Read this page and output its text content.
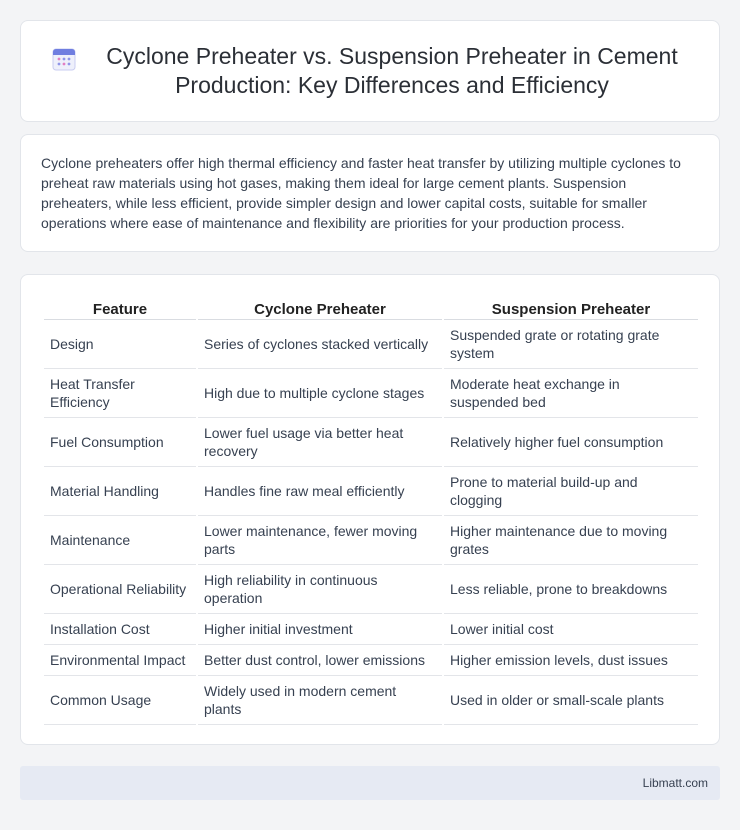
Cyclone Preheater vs. Suspension Preheater in Cement Production: Key Differences and Efficiency

Cyclone preheaters offer high thermal efficiency and faster heat transfer by utilizing multiple cyclones to preheat raw materials using hot gases, making them ideal for large cement plants. Suspension preheaters, while less efficient, provide simpler design and lower capital costs, suitable for smaller operations where ease of maintenance and flexibility are priorities for your production process.

Feature	Cyclone Preheater	Suspension Preheater
Design	Series of cyclones stacked vertically	Suspended grate or rotating grate system
Heat Transfer Efficiency	High due to multiple cyclone stages	Moderate heat exchange in suspended bed
Fuel Consumption	Lower fuel usage via better heat recovery	Relatively higher fuel consumption
Material Handling	Handles fine raw meal efficiently	Prone to material build-up and clogging
Maintenance	Lower maintenance, fewer moving parts	Higher maintenance due to moving grates
Operational Reliability	High reliability in continuous operation	Less reliable, prone to breakdowns
Installation Cost	Higher initial investment	Lower initial cost
Environmental Impact	Better dust control, lower emissions	Higher emission levels, dust issues
Common Usage	Widely used in modern cement plants	Used in older or small-scale plants
Libmatt.com
